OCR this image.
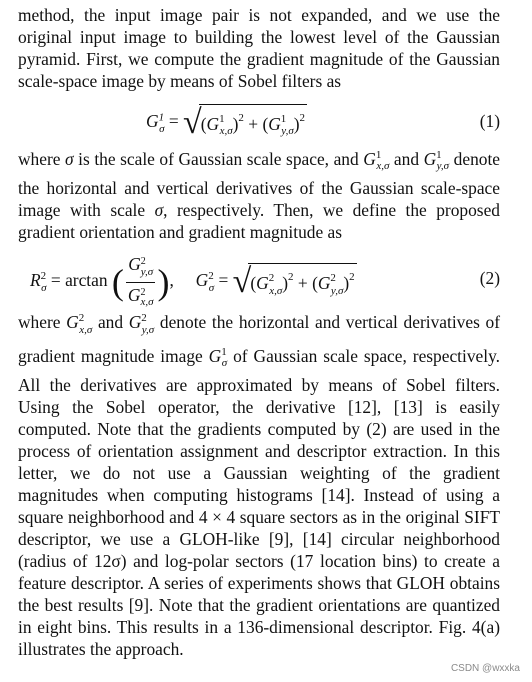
method, the input image pair is not expanded, and we use the original input image to building the lowest level of the Gaussian pyramid. First, we compute the gradient magnitude of the Gaussian scale-space image by means of Sobel filters as

$G^1_\sigma = √(G^1_{x,\sigma})^2 + (G^1_{y,\sigma})^2$	(1)

where σ is the scale of Gaussian scale space, and $G^1_{x,\sigma}$ and $G^1_{y,\sigma}$ denote the horizontal and vertical derivatives of the Gaussian scale-space image with scale σ, respectively. Then, we define the proposed gradient orientation and gradient magnitude as

$R^2_\sigma = \arctan$ ( $\frac{G^2_{y,\sigma}}{G^2_{x,\sigma}}$ ),     $G^2_\sigma = √(G^2_{x,\sigma})^2 + (G^2_{y,\sigma})^2$	(2)

where $G^2_{x,\sigma}$ and $G^2_{y,\sigma}$ denote the horizontal and vertical derivatives of gradient magnitude image $G^1_\sigma$ of Gaussian scale space, respectively. All the derivatives are approximated by means of Sobel filters. Using the Sobel operator, the derivative [12], [13] is easily computed. Note that the gradients computed by (2) are used in the process of orientation assignment and descriptor extraction. In this letter, we do not use a Gaussian weighting of the gradient magnitudes when computing histograms [14]. Instead of using a square neighborhood and 4 × 4 square sectors as in the original SIFT descriptor, we use a GLOH-like [9], [14] circular neighborhood (radius of 12σ) and log-polar sectors (17 location bins) to create a feature descriptor. A series of experiments shows that GLOH obtains the best results [9]. Note that the gradient orientations are quantized in eight bins. This results in a 136-dimensional descriptor. Fig. 4(a) illustrates the approach.

CSDN @wxxka
